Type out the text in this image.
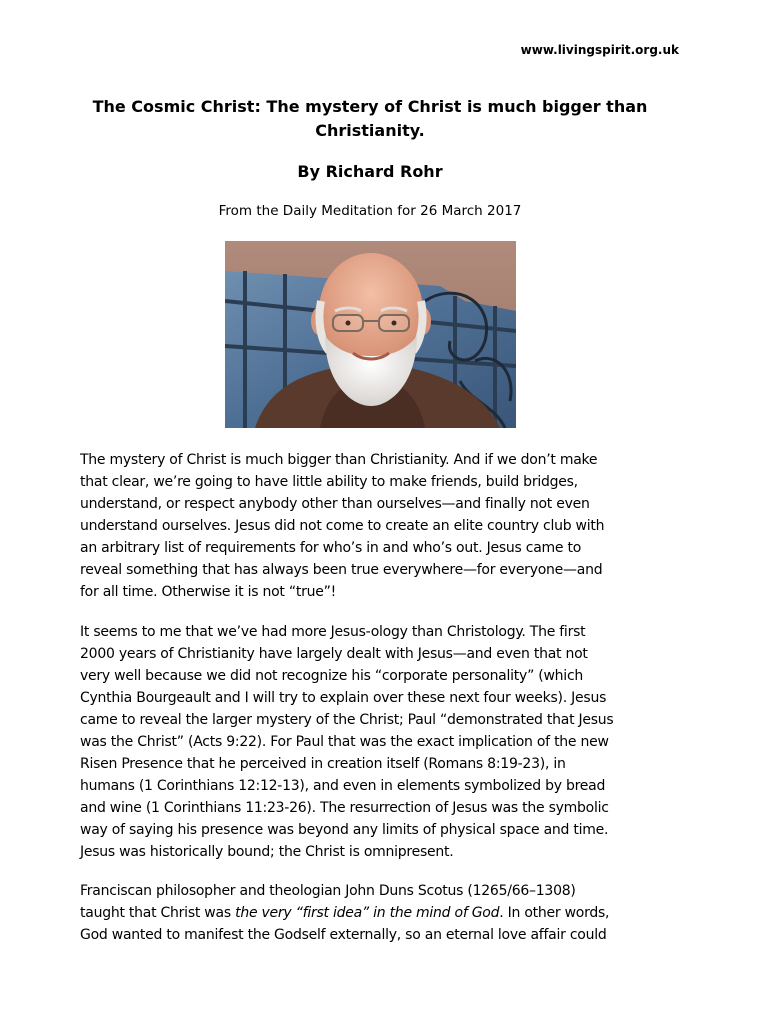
www.livingspirit.org.uk
The Cosmic Christ: The mystery of Christ is much bigger than
Christianity.
By Richard Rohr
From the Daily Meditation for 26 March 2017

The mystery of Christ is much bigger than Christianity. And if we don’t make

that clear, we’re going to have little ability to make friends, build bridges,

understand, or respect anybody other than ourselves—and finally not even

understand ourselves. Jesus did not come to create an elite country club with

an arbitrary list of requirements for who’s in and who’s out. Jesus came to

reveal something that has always been true everywhere—for everyone—and

for all time. Otherwise it is not “true”!

It seems to me that we’ve had more Jesus-ology than Christology. The first

2000 years of Christianity have largely dealt with Jesus—and even that not

very well because we did not recognize his “corporate personality” (which

Cynthia Bourgeault and I will try to explain over these next four weeks). Jesus

came to reveal the larger mystery of the Christ; Paul “demonstrated that Jesus

was the Christ” (Acts 9:22). For Paul that was the exact implication of the new

Risen Presence that he perceived in creation itself (Romans 8:19-23), in

humans (1 Corinthians 12:12-13), and even in elements symbolized by bread

and wine (1 Corinthians 11:23-26). The resurrection of Jesus was the symbolic

way of saying his presence was beyond any limits of physical space and time.

Jesus was historically bound; the Christ is omnipresent.

Franciscan philosopher and theologian John Duns Scotus (1265/66–1308)

taught that Christ was the very “first idea” in the mind of God. In other words,

God wanted to manifest the Godself externally, so an eternal love affair could
